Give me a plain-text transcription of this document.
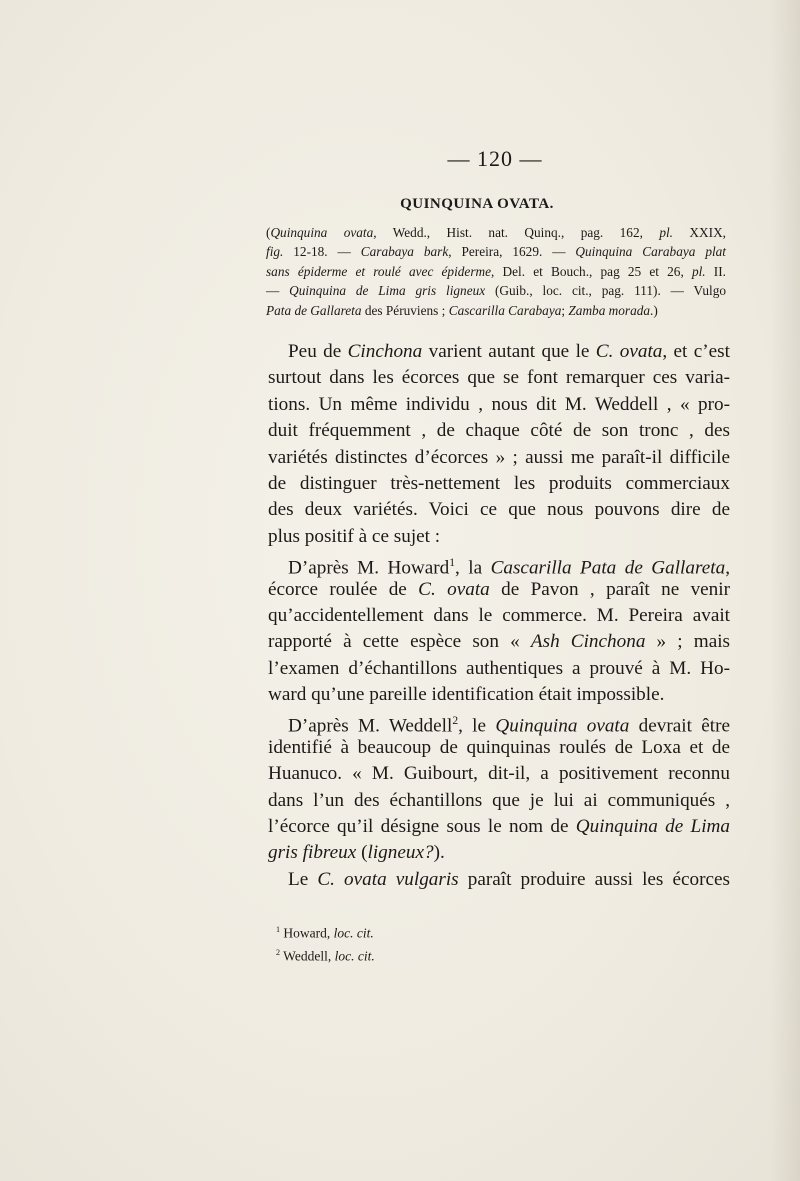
— 120 —
QUINQUINA OVATA.
(Quinquina ovata, Wedd., Hist. nat. Quinq., pag. 162, pl. XXIX,
fig. 12-18. — Carabaya bark, Pereira, 1629. — Quinquina Carabaya plat
sans épiderme et roulé avec épiderme, Del. et Bouch., pag 25 et 26, pl. II.
— Quinquina de Lima gris ligneux (Guib., loc. cit., pag. 111). — Vulgo
Pata de Gallareta des Péruviens ; Cascarilla Carabaya; Zamba morada.)
Peu de Cinchona varient autant que le C. ovata, et c’est
surtout dans les écorces que se font remarquer ces varia-
tions. Un même individu , nous dit M. Weddell , « pro-
duit fréquemment , de chaque côté de son tronc , des
variétés distinctes d’écorces » ; aussi me paraît-il difficile
de distinguer très-nettement les produits commerciaux
des deux variétés. Voici ce que nous pouvons dire de
plus positif à ce sujet :
D’après M. Howard$^1$, la Cascarilla Pata de Gallareta,
écorce roulée de C. ovata de Pavon , paraît ne venir
qu’accidentellement dans le commerce. M. Pereira avait
rapporté à cette espèce son « Ash Cinchona » ; mais
l’examen d’échantillons authentiques a prouvé à M. Ho-
ward qu’une pareille identification était impossible.
D’après M. Weddell$^2$, le Quinquina ovata devrait être
identifié à beaucoup de quinquinas roulés de Loxa et de
Huanuco. « M. Guibourt, dit-il, a positivement reconnu
dans l’un des échantillons que je lui ai communiqués ,
l’écorce qu’il désigne sous le nom de Quinquina de Lima
gris fibreux (ligneux?).
Le C. ovata vulgaris paraît produire aussi les écorces
$^1$ Howard, loc. cit.
$^2$ Weddell, loc. cit.
